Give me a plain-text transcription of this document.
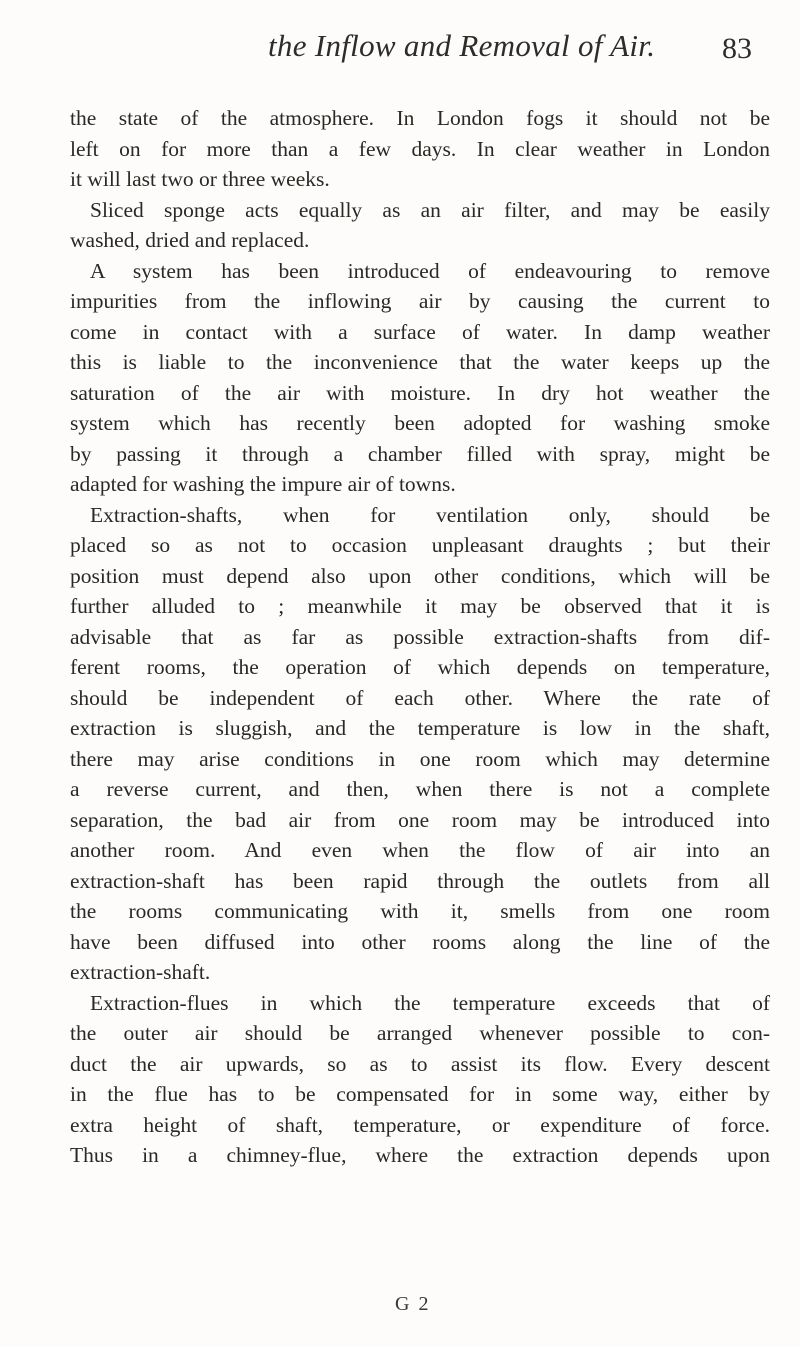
the Inflow and Removal of Air. 83
the state of the atmosphere. In London fogs it should not be
left on for more than a few days. In clear weather in London
it will last two or three weeks.
Sliced sponge acts equally as an air filter, and may be easily
washed, dried and replaced.
A system has been introduced of endeavouring to remove
impurities from the inflowing air by causing the current to
come in contact with a surface of water. In damp weather
this is liable to the inconvenience that the water keeps up the
saturation of the air with moisture. In dry hot weather the
system which has recently been adopted for washing smoke
by passing it through a chamber filled with spray, might be
adapted for washing the impure air of towns.
Extraction-shafts, when for ventilation only, should be
placed so as not to occasion unpleasant draughts ; but their
position must depend also upon other conditions, which will be
further alluded to ; meanwhile it may be observed that it is
advisable that as far as possible extraction-shafts from dif-
ferent rooms, the operation of which depends on temperature,
should be independent of each other. Where the rate of
extraction is sluggish, and the temperature is low in the shaft,
there may arise conditions in one room which may determine
a reverse current, and then, when there is not a complete
separation, the bad air from one room may be introduced into
another room. And even when the flow of air into an
extraction-shaft has been rapid through the outlets from all
the rooms communicating with it, smells from one room
have been diffused into other rooms along the line of the
extraction-shaft.
Extraction-flues in which the temperature exceeds that of
the outer air should be arranged whenever possible to con-
duct the air upwards, so as to assist its flow. Every descent
in the flue has to be compensated for in some way, either by
extra height of shaft, temperature, or expenditure of force.
Thus in a chimney-flue, where the extraction depends upon
G 2
